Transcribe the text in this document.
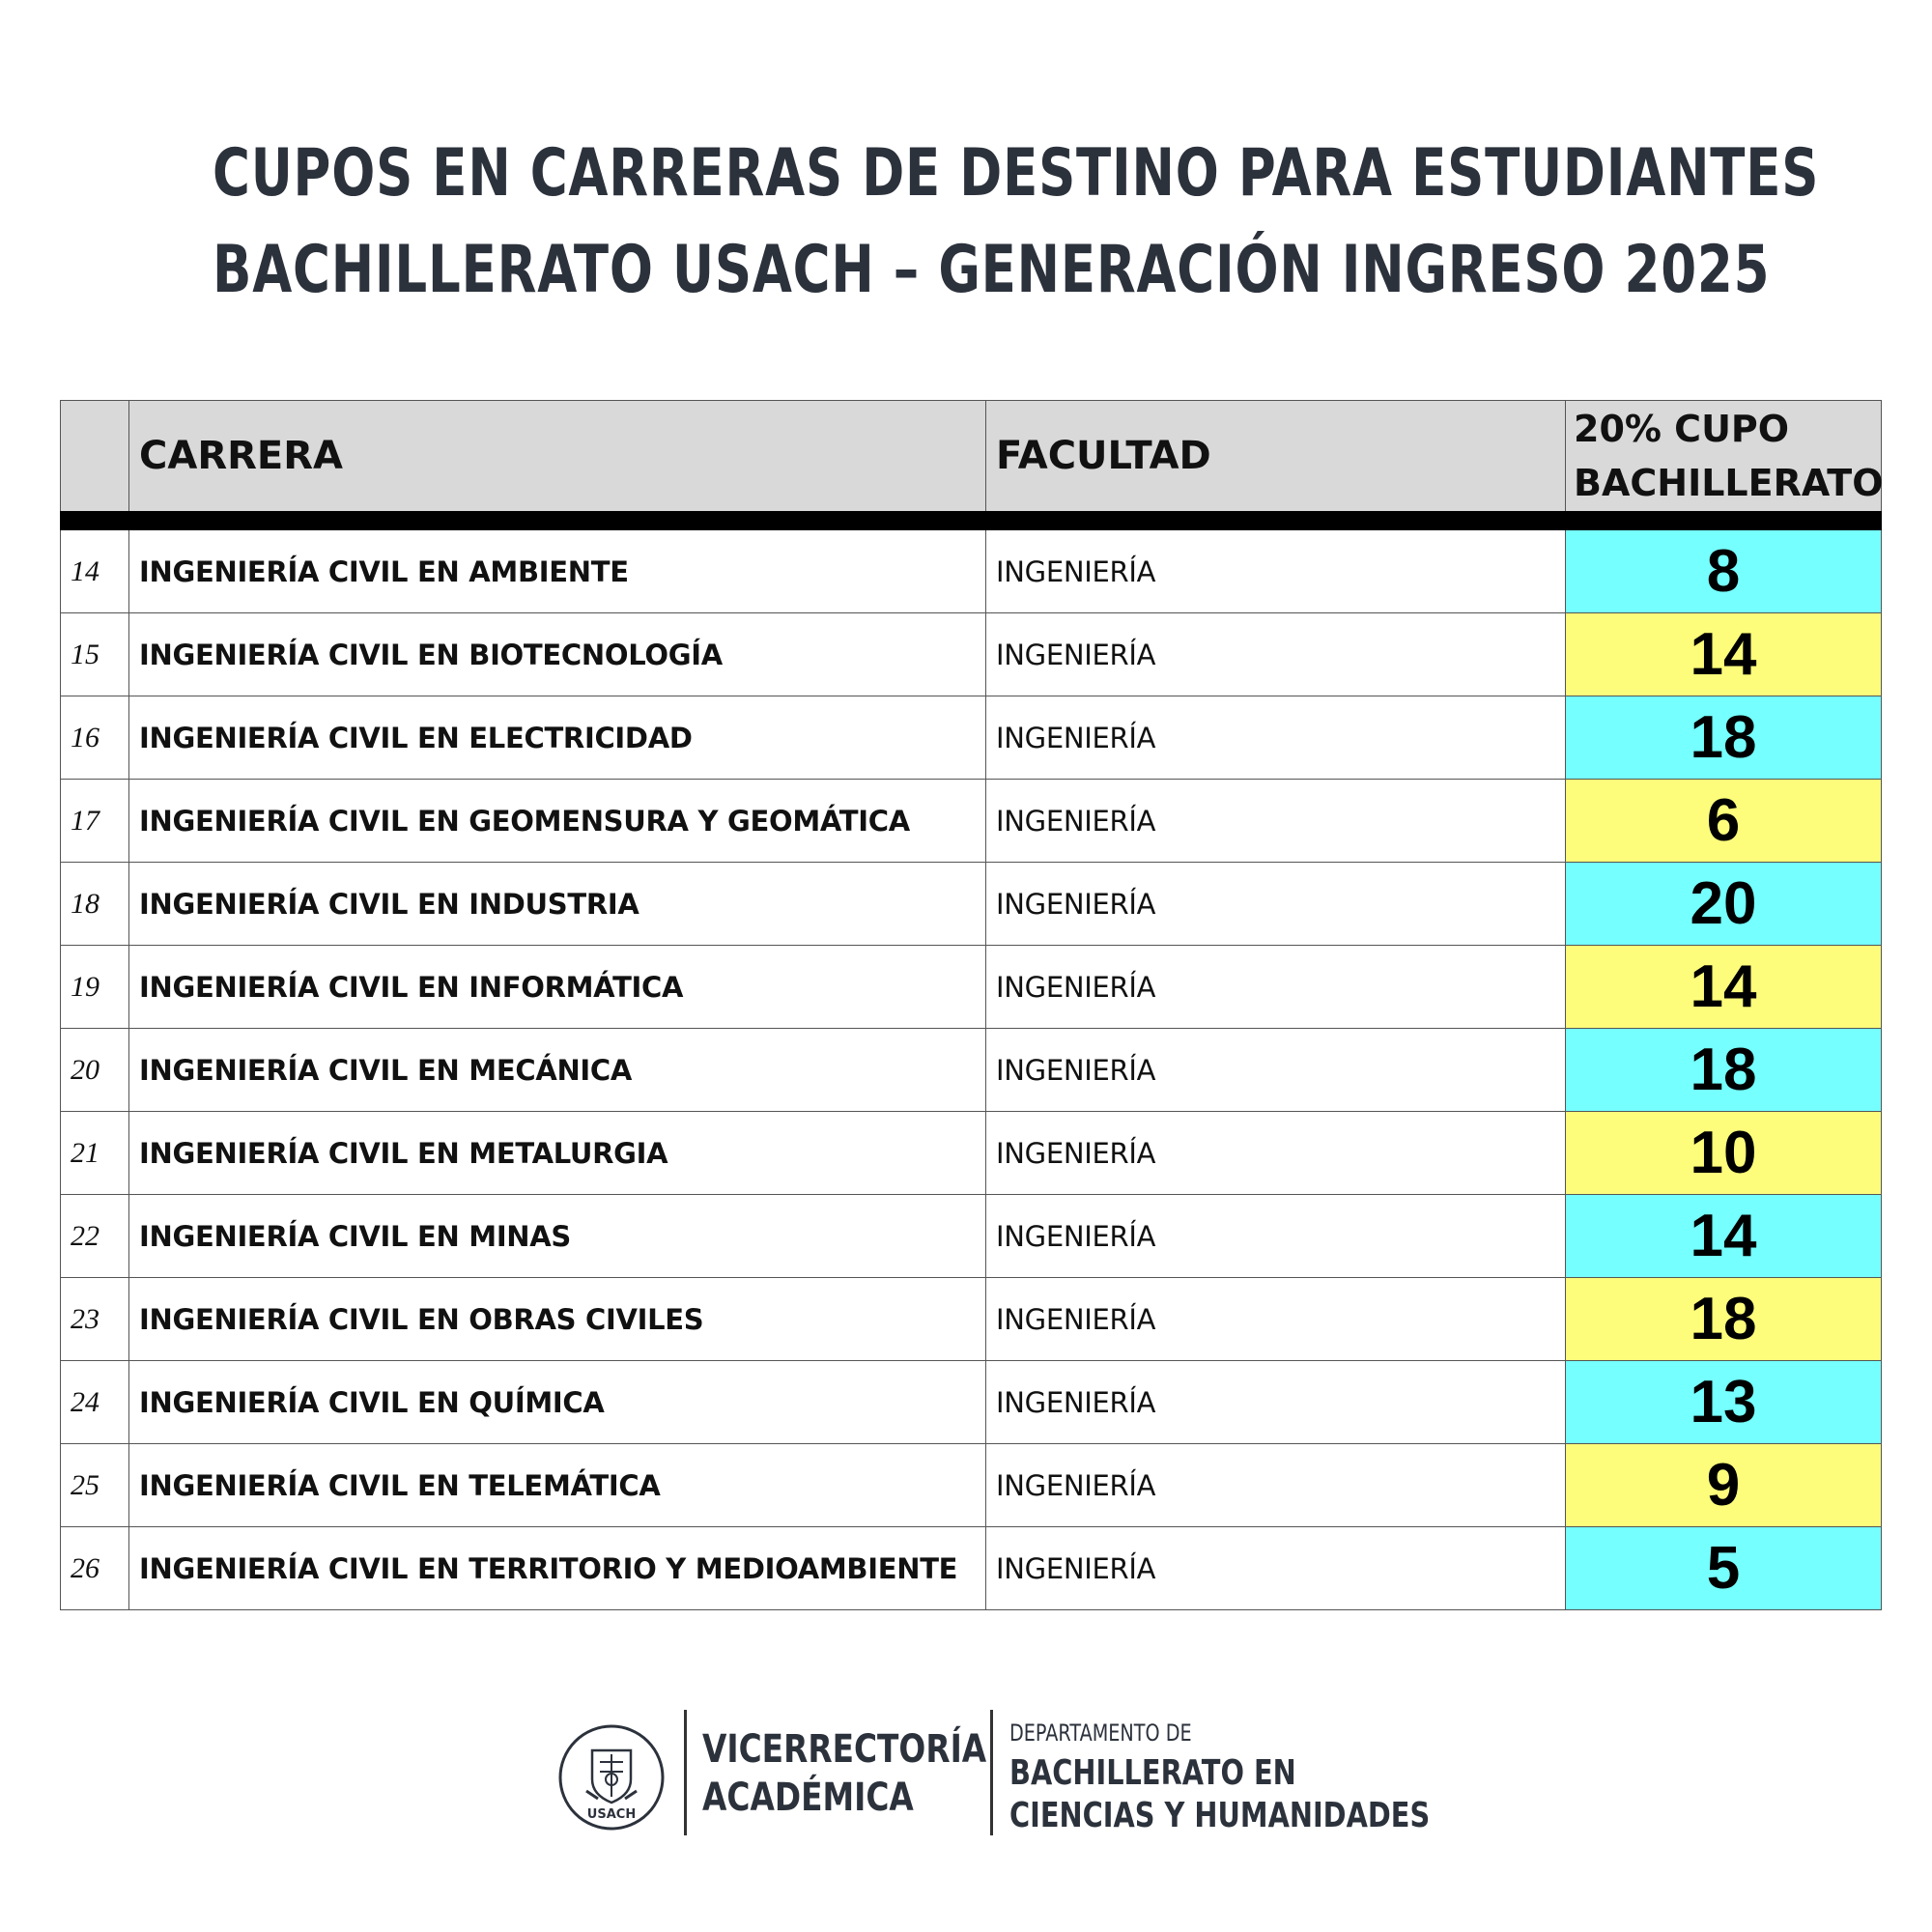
CUPOS EN CARRERAS DE DESTINO PARA ESTUDIANTES
BACHILLERATO USACH – GENERACIÓN INGRESO 2025

	CARRERA	FACULTAD	20% CUPO
BACHILLERATO

14	INGENIERÍA CIVIL EN AMBIENTE	INGENIERÍA	8
15	INGENIERÍA CIVIL EN BIOTECNOLOGÍA	INGENIERÍA	14
16	INGENIERÍA CIVIL EN ELECTRICIDAD	INGENIERÍA	18
17	INGENIERÍA CIVIL EN GEOMENSURA Y GEOMÁTICA	INGENIERÍA	6
18	INGENIERÍA CIVIL EN INDUSTRIA	INGENIERÍA	20
19	INGENIERÍA CIVIL EN INFORMÁTICA	INGENIERÍA	14
20	INGENIERÍA CIVIL EN MECÁNICA	INGENIERÍA	18
21	INGENIERÍA CIVIL EN METALURGIA	INGENIERÍA	10
22	INGENIERÍA CIVIL EN MINAS	INGENIERÍA	14
23	INGENIERÍA CIVIL EN OBRAS CIVILES	INGENIERÍA	18
24	INGENIERÍA CIVIL EN QUÍMICA	INGENIERÍA	13
25	INGENIERÍA CIVIL EN TELEMÁTICA	INGENIERÍA	9
26	INGENIERÍA CIVIL EN TERRITORIO Y MEDIOAMBIENTE	INGENIERÍA	5
USACH
VICERRECTORÍA
ACADÉMICA
DEPARTAMENTO DE
BACHILLERATO EN
CIENCIAS Y HUMANIDADES
